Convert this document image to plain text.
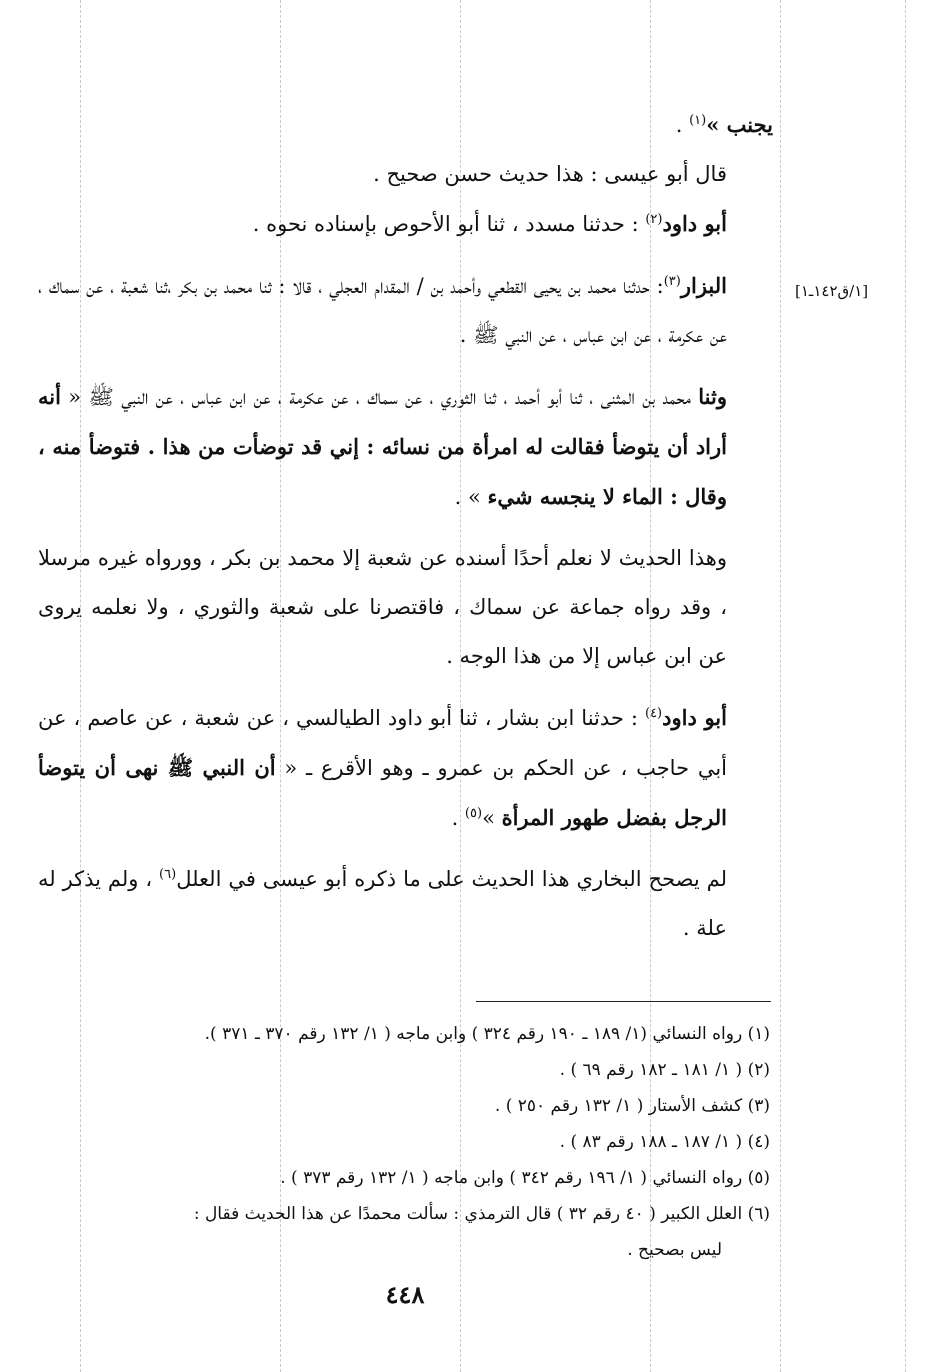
[١/ق١٤٢ـ١]

يجنب »$^{(١)}$ .

قال أبو عيسى : هذا حديث حسن صحيح .

أبو داود$^{(٢)}$ : حدثنا مسدد ، ثنا أبو الأحوص بإسناده نحوه .

البزار$^{(٣)}$: حدثنا محمد بن يحيى القطعي وأحمد بن / المقدام العجلي ، قالا : ثنا محمد بن بكر ،ثنا شعبة ، عن سماك ، عن عكرمة ، عن ابن عباس ، عن النبي ﷺ .

وثنا محمد بن المثنى ، ثنا أبو أحمد ، ثنا الثوري ، عن سماك ، عن عكرمة ، عن ابن عباس ، عن النبي ﷺ « أنه أراد أن يتوضأ فقالت له امرأة من نسائه : إني قد توضأت من هذا . فتوضأ منه ، وقال : الماء لا ينجسه شيء » .

وهذا الحديث لا نعلم أحدًا أسنده عن شعبة إلا محمد بن بكر ، وورواه غيره مرسلا ، وقد رواه جماعة عن سماك ، فاقتصرنا على شعبة والثوري ، ولا نعلمه يروى عن ابن عباس إلا من هذا الوجه .

أبو داود$^{(٤)}$ : حدثنا ابن بشار ، ثنا أبو داود الطيالسي ، عن شعبة ، عن عاصم ، عن أبي حاجب ، عن الحكم بن عمرو ـ وهو الأقرع ـ « أن النبي ﷺ نهى أن يتوضأ الرجل بفضل طهور المرأة »$^{(٥)}$ .

لم يصحح البخاري هذا الحديث على ما ذكره أبو عيسى في العلل$^{(٦)}$ ، ولم يذكر له علة .

(١) رواه النسائي (١/ ١٨٩ ـ ١٩٠ رقم ٣٢٤ ) وابن ماجه ( ١/ ١٣٢ رقم ٣٧٠ ـ ٣٧١ ).

(٢) ( ١/ ١٨١ ـ ١٨٢ رقم ٦٩ ) .

(٣) كشف الأستار ( ١/ ١٣٢ رقم ٢٥٠ ) .

(٤) ( ١/ ١٨٧ ـ ١٨٨ رقم ٨٣ ) .

(٥) رواه النسائي ( ١/ ١٩٦ رقم ٣٤٢ ) وابن ماجه ( ١/ ١٣٢ رقم ٣٧٣ ) .

(٦) العلل الكبير ( ٤٠ رقم ٣٢ ) قال الترمذي : سألت محمدًا عن هذا الحديث فقال :

ليس بصحيح .

٤٤٨
